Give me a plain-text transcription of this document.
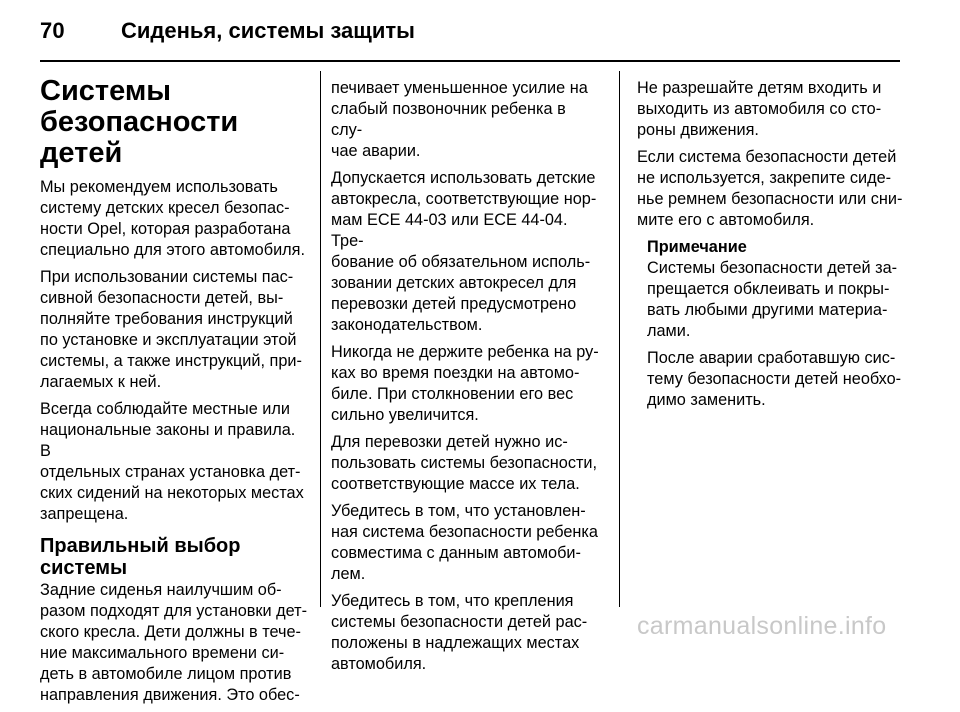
70	Сиденья, системы защиты
Системы
безопасности детей

Мы рекомендуем использовать
систему детских кресел безопас-
ности Opel, которая разработана
специально для этого автомобиля.

При использовании системы пас-
сивной безопасности детей, вы-
полняйте требования инструкций
по установке и эксплуатации этой
системы, а также инструкций, при-
лагаемых к ней.

Всегда соблюдайте местные или
национальные законы и правила. В
отдельных странах установка дет-
ских сидений на некоторых местах
запрещена.

Правильный выбор системы

Задние сиденья наилучшим об-
разом подходят для установки дет-
ского кресла. Дети должны в тече-
ние максимального времени си-
деть в автомобиле лицом против
направления движения. Это обес-

печивает уменьшенное усилие на
слабый позвоночник ребенка в слу-
чае аварии.

Допускается использовать детские
автокресла, соответствующие нор-
мам ECE 44-03 или ECE 44-04. Тре-
бование об обязательном исполь-
зовании детских автокресел для
перевозки детей предусмотрено
законодательством.

Никогда не держите ребенка на ру-
ках во время поездки на автомо-
биле. При столкновении его вес
сильно увеличится.

Для перевозки детей нужно ис-
пользовать системы безопасности,
соответствующие массе их тела.

Убедитесь в том, что установлен-
ная система безопасности ребенка
совместима с данным автомоби-
лем.

Убедитесь в том, что крепления
системы безопасности детей рас-
положены в надлежащих местах
автомобиля.

Не разрешайте детям входить и
выходить из автомобиля со сто-
роны движения.

Если система безопасности детей
не используется, закрепите сиде-
нье ремнем безопасности или сни-
мите его с автомобиля.

Примечание

Системы безопасности детей за-
прещается обклеивать и покры-
вать любыми другими материа-
лами.

После аварии сработавшую сис-
тему безопасности детей необхо-
димо заменить.

carmanualsonline.info
